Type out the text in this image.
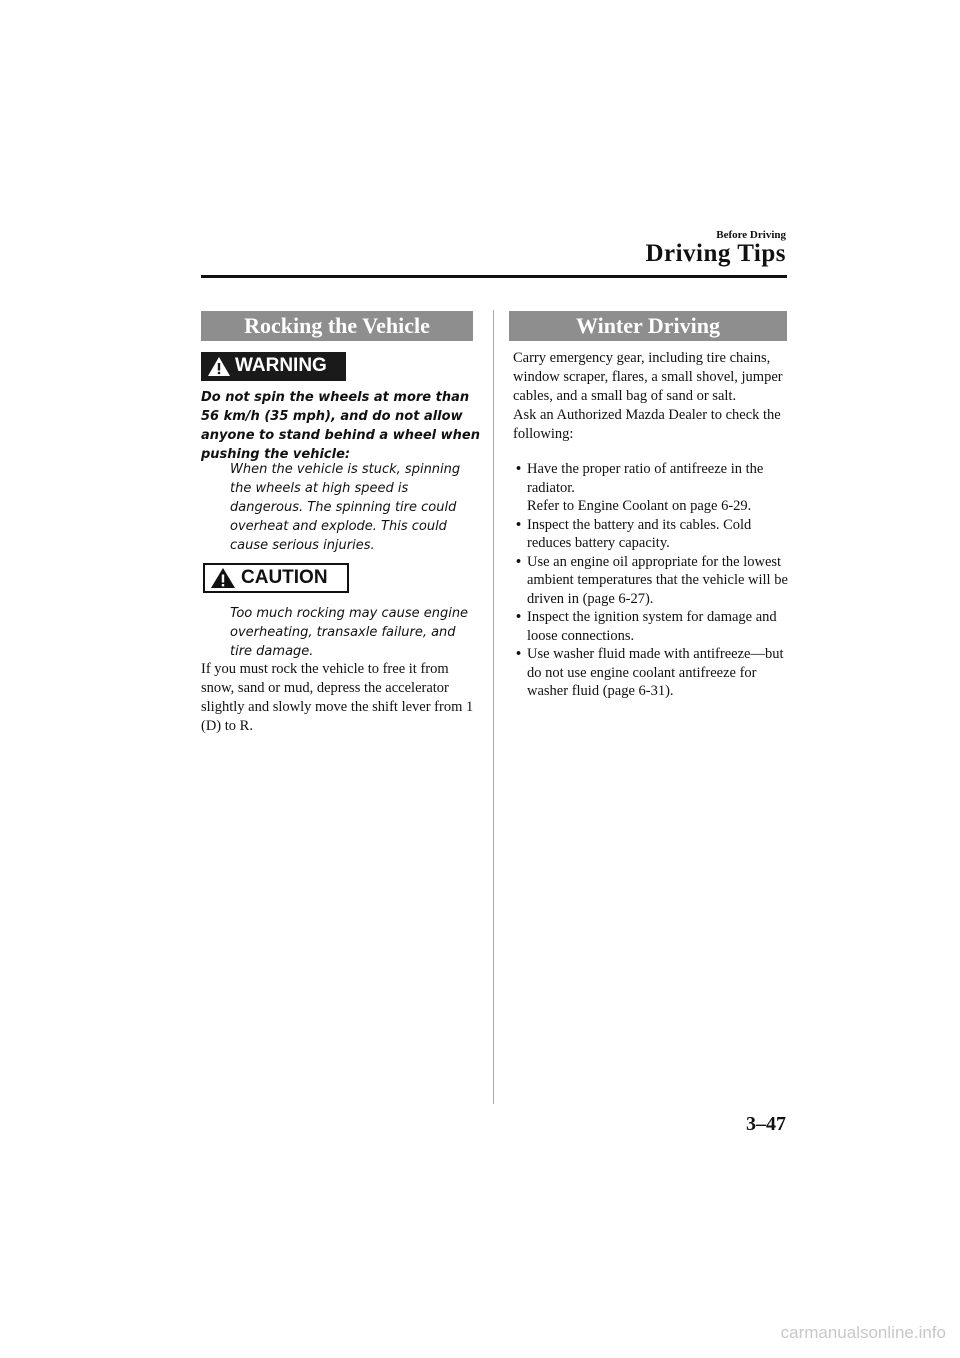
Before Driving
Driving Tips
Rocking the Vehicle
WARNING
Do not spin the wheels at more than 56 km/h (35 mph), and do not allow anyone to stand behind a wheel when pushing the vehicle:
When the vehicle is stuck, spinning the wheels at high speed is dangerous. The spinning tire could overheat and explode. This could cause serious injuries.
CAUTION
Too much rocking may cause engine overheating, transaxle failure, and tire damage.
If you must rock the vehicle to free it from snow, sand or mud, depress the accelerator slightly and slowly move the shift lever from 1 (D) to R.
Winter Driving
Carry emergency gear, including tire chains, window scraper, flares, a small shovel, jumper cables, and a small bag of sand or salt.
Ask an Authorized Mazda Dealer to check the following:
• Have the proper ratio of antifreeze in the radiator.
Refer to Engine Coolant on page 6-29.
• Inspect the battery and its cables. Cold reduces battery capacity.
• Use an engine oil appropriate for the lowest ambient temperatures that the vehicle will be driven in (page 6-27).
• Inspect the ignition system for damage and loose connections.
• Use washer fluid made with antifreeze—but do not use engine coolant antifreeze for washer fluid (page 6-31).
3–47
carmanualsonline.info
